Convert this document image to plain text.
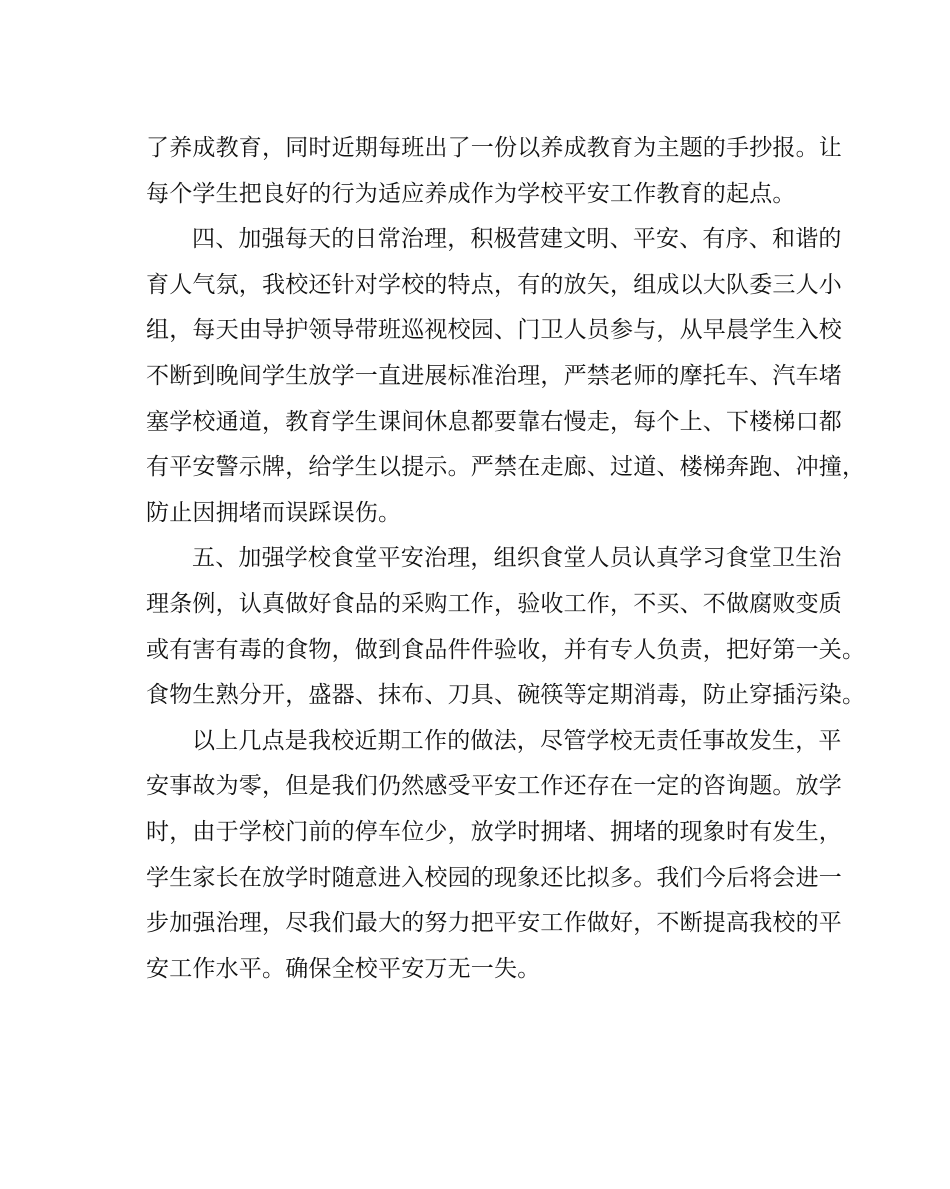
了养成教育，同时近期每班出了一份以养成教育为主题的手抄报。让
每个学生把良好的行为适应养成作为学校平安工作教育的起点。
四、加强每天的日常治理，积极营建文明、平安、有序、和谐的
育人气氛，我校还针对学校的特点，有的放矢，组成以大队委三人小
组，每天由导护领导带班巡视校园、门卫人员参与，从早晨学生入校
不断到晚间学生放学一直进展标准治理，严禁老师的摩托车、汽车堵
塞学校通道，教育学生课间休息都要靠右慢走，每个上、下楼梯口都
有平安警示牌，给学生以提示。严禁在走廊、过道、楼梯奔跑、冲撞，
防止因拥堵而误踩误伤。
五、加强学校食堂平安治理，组织食堂人员认真学习食堂卫生治
理条例，认真做好食品的采购工作，验收工作，不买、不做腐败变质
或有害有毒的食物，做到食品件件验收，并有专人负责，把好第一关。
食物生熟分开，盛器、抹布、刀具、碗筷等定期消毒，防止穿插污染。
以上几点是我校近期工作的做法，尽管学校无责任事故发生，平
安事故为零，但是我们仍然感受平安工作还存在一定的咨询题。放学
时，由于学校门前的停车位少，放学时拥堵、拥堵的现象时有发生，
学生家长在放学时随意进入校园的现象还比拟多。我们今后将会进一
步加强治理，尽我们最大的努力把平安工作做好，不断提高我校的平
安工作水平。确保全校平安万无一失。
